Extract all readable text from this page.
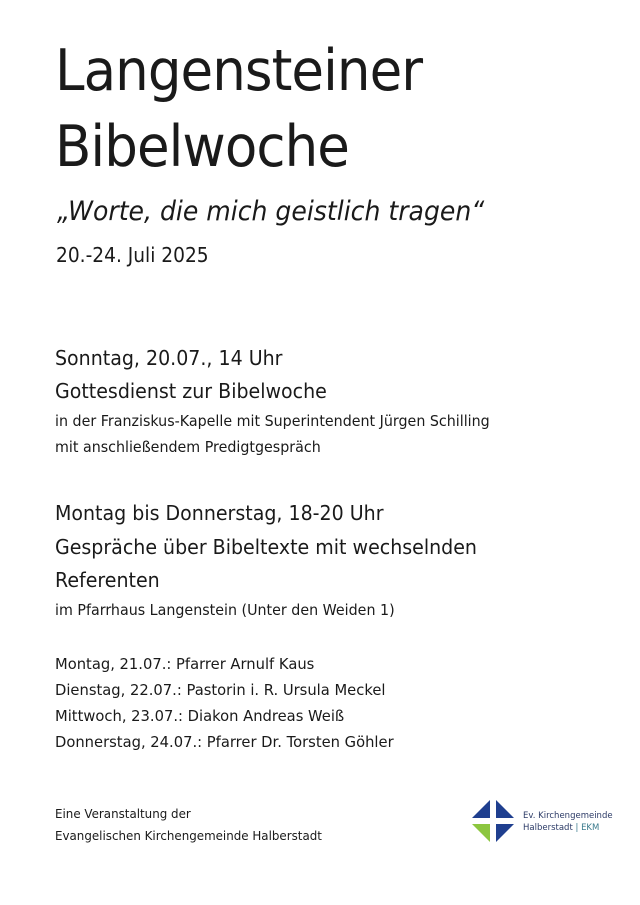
Langensteiner
Bibelwoche
„Worte, die mich geistlich tragen“
20.-24. Juli 2025
Sonntag, 20.07., 14 Uhr
Gottesdienst zur Bibelwoche
in der Franziskus-Kapelle mit Superintendent Jürgen Schilling
mit anschließendem Predigtgespräch
Montag bis Donnerstag, 18-20 Uhr
Gespräche über Bibeltexte mit wechselnden
Referenten
im Pfarrhaus Langenstein (Unter den Weiden 1)
Montag, 21.07.: Pfarrer Arnulf Kaus
Dienstag, 22.07.: Pastorin i. R. Ursula Meckel
Mittwoch, 23.07.: Diakon Andreas Weiß
Donnerstag, 24.07.: Pfarrer Dr. Torsten Göhler
Eine Veranstaltung der
Evangelischen Kirchengemeinde Halberstadt
Ev. Kirchengemeinde
Halberstadt | EKM
